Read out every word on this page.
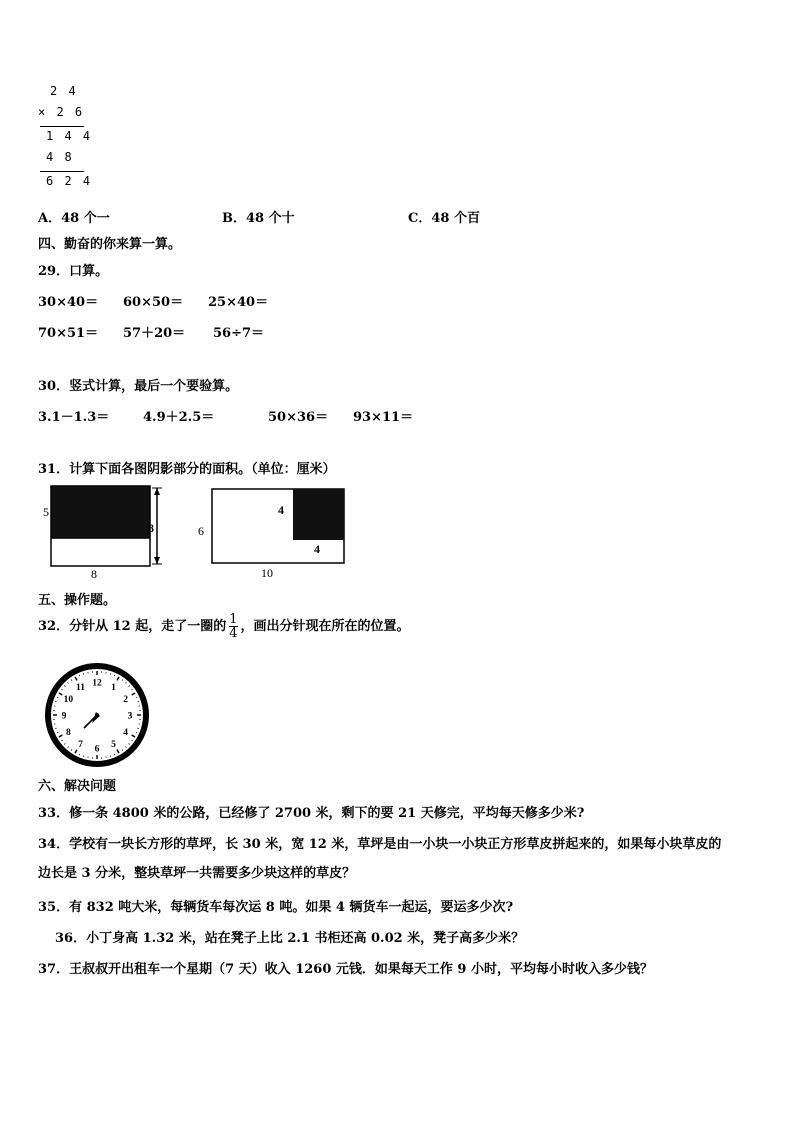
2 4
× 2 6
1 4 4
4 8
6 2 4
A．48 个一	B．48 个十	C．48 个百
四、勤奋的你来算一算。
29．口算。
30×40＝ 60×50＝ 25×40＝
70×51＝ 57＋20＝ 56÷7＝
30．竖式计算，最后一个要验算。
3.1－1.3＝	4.9＋2.5＝	50×36＝ 93×11＝
31．计算下面各图阴影部分的面积。（单位：厘米）
5
8
8
6
4
4
10
五、操作题。
32．分针从 12 起，走了一圈的 $\frac{1}{4}$ ，画出分针现在所在的位置。
12 1
2
3
4
5
6
7
8
9
10
11
六、解决问题
33．修一条 4800 米的公路，已经修了 2700 米，剩下的要 21 天修完，平均每天修多少米?
34．学校有一块长方形的草坪，长 30 米，宽 12 米，草坪是由一小块一小块正方形草皮拼起来的，如果每小块草皮的
边长是 3 分米，整块草坪一共需要多少块这样的草皮？
35．有 832 吨大米，每辆货车每次运 8 吨。如果 4 辆货车一起运，要运多少次?
36．小丁身高 1.32 米，站在凳子上比 2.1 书柜还高 0.02 米，凳子高多少米？
37．王叔叔开出租车一个星期（7 天）收入 1260 元钱．如果每天工作 9 小时，平均每小时收入多少钱？
